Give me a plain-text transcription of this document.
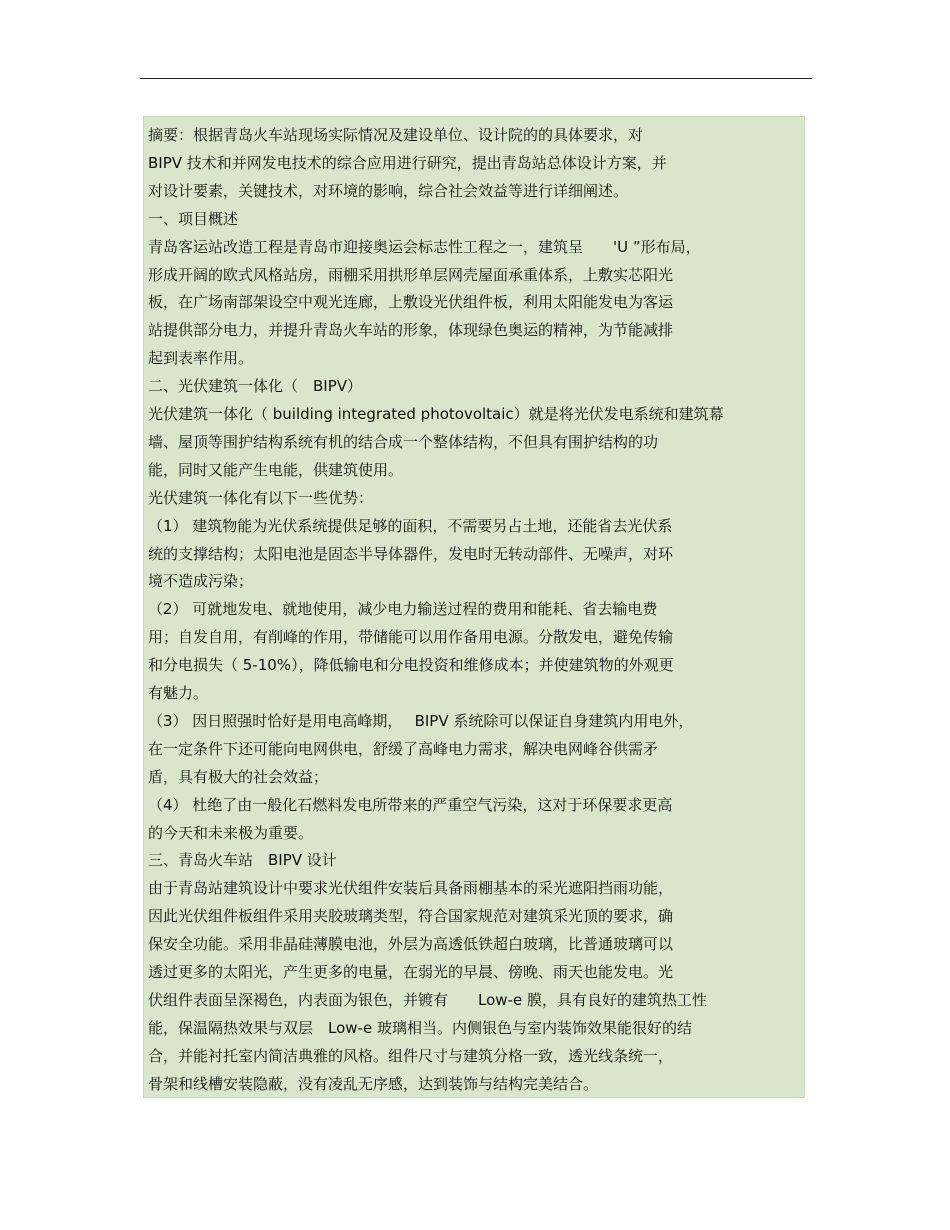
摘要：根据青岛火车站现场实际情况及建设单位、设计院的的具体要求，对

BIPV 技术和并网发电技术的综合应用进行研究，提出青岛站总体设计方案，并

对设计要素，关键技术，对环境的影响，综合社会效益等进行详细阐述。

一、项目概述

青岛客运站改造工程是青岛市迎接奥运会标志性工程之一，建筑呈　　'U ”形布局，

形成开阔的欧式风格站房，雨棚采用拱形单层网壳屋面承重体系，上敷实芯阳光

板，在广场南部架设空中观光连廊，上敷设光伏组件板，利用太阳能发电为客运

站提供部分电力，并提升青岛火车站的形象，体现绿色奥运的精神，为节能减排

起到表率作用。

二、光伏建筑一体化（　BIPV）

光伏建筑一体化（ building integrated photovoltaic）就是将光伏发电系统和建筑幕

墙、屋顶等围护结构系统有机的结合成一个整体结构，不但具有围护结构的功

能，同时又能产生电能，供建筑使用。

光伏建筑一体化有以下一些优势：

（1） 建筑物能为光伏系统提供足够的面积，不需要另占土地，还能省去光伏系

统的支撑结构；太阳电池是固态半导体器件，发电时无转动部件、无噪声，对环

境不造成污染；

（2） 可就地发电、就地使用，减少电力输送过程的费用和能耗、省去输电费

用；自发自用，有削峰的作用，带储能可以用作备用电源。分散发电，避免传输

和分电损失（ 5-10%），降低输电和分电投资和维修成本；并使建筑物的外观更

有魅力。

（3） 因日照强时恰好是用电高峰期，　 BIPV 系统除可以保证自身建筑内用电外，

在一定条件下还可能向电网供电，舒缓了高峰电力需求，解决电网峰谷供需矛

盾，具有极大的社会效益；

（4） 杜绝了由一般化石燃料发电所带来的严重空气污染，这对于环保要求更高

的今天和未来极为重要。

三、青岛火车站　BIPV 设计

由于青岛站建筑设计中要求光伏组件安装后具备雨棚基本的采光遮阳挡雨功能，

因此光伏组件板组件采用夹胶玻璃类型，符合国家规范对建筑采光顶的要求，确

保安全功能。采用非晶硅薄膜电池，外层为高透低铁超白玻璃，比普通玻璃可以

透过更多的太阳光，产生更多的电量，在弱光的早晨、傍晚、雨天也能发电。光

伏组件表面呈深褐色，内表面为银色，并镀有　　Low-e 膜，具有良好的建筑热工性

能，保温隔热效果与双层　Low-e 玻璃相当。内侧银色与室内装饰效果能很好的结

合，并能衬托室内简洁典雅的风格。组件尺寸与建筑分格一致，透光线条统一，

骨架和线槽安装隐蔽，没有凌乱无序感，达到装饰与结构完美结合。
